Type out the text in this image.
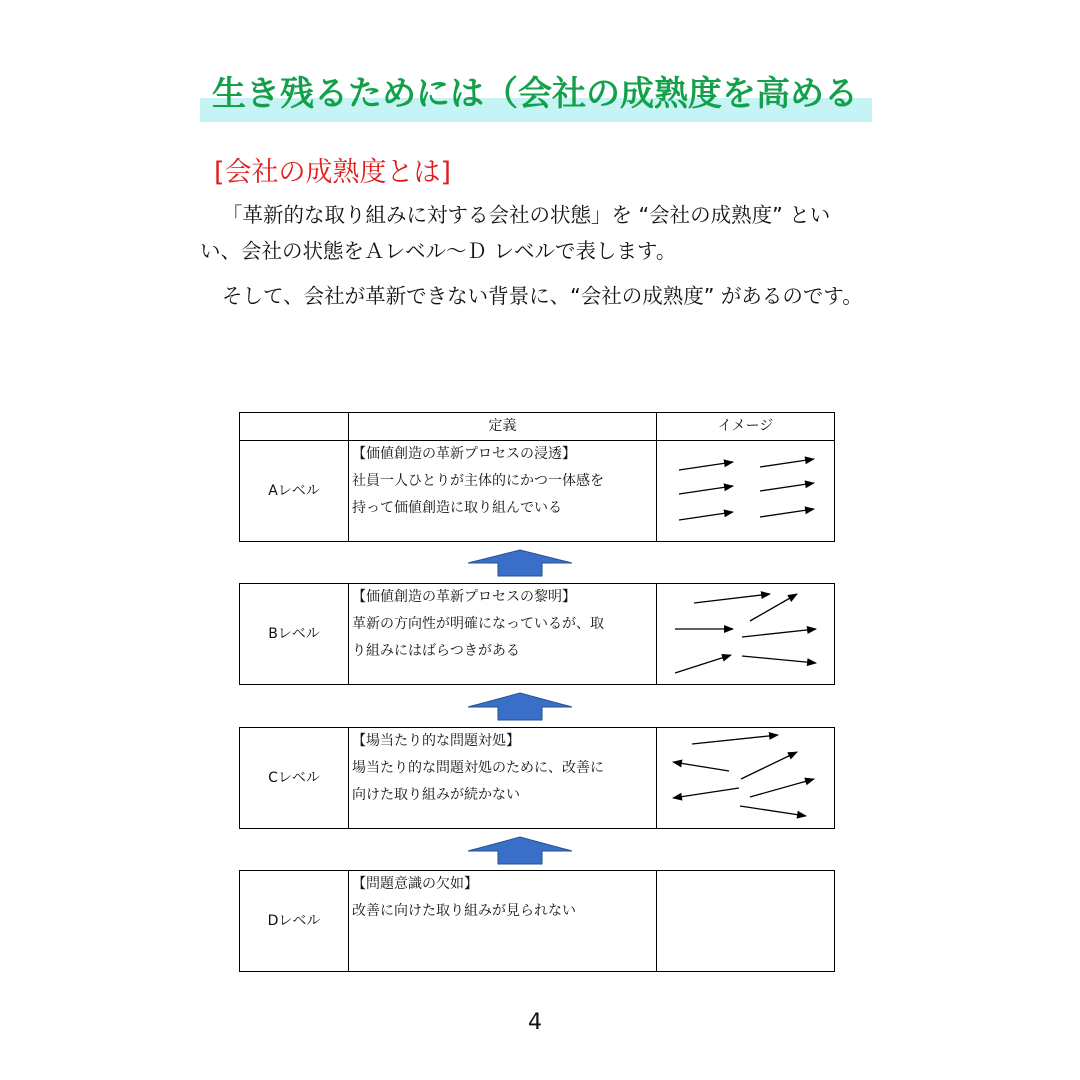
生き残るためには（会社の成熟度を高める
[会社の成熟度とは]
「革新的な取り組みに対する会社の状態」を “会社の成熟度” とい
い、会社の状態をＡレベル〜Ｄ レベルで表します。
そして、会社が革新できない背景に、“会社の成熟度” があるのです。
定義	イメージ
Aレベル
【価値創造の革新プロセスの浸透】
社員一人ひとりが主体的にかつ一体感を
持って価値創造に取り組んでいる
Bレベル
【価値創造の革新プロセスの黎明】
革新の方向性が明確になっているが、取
り組みにはばらつきがある
Cレベル
【場当たり的な問題対処】
場当たり的な問題対処のために、改善に
向けた取り組みが続かない
Dレベル
【問題意識の欠如】
改善に向けた取り組みが見られない
4
